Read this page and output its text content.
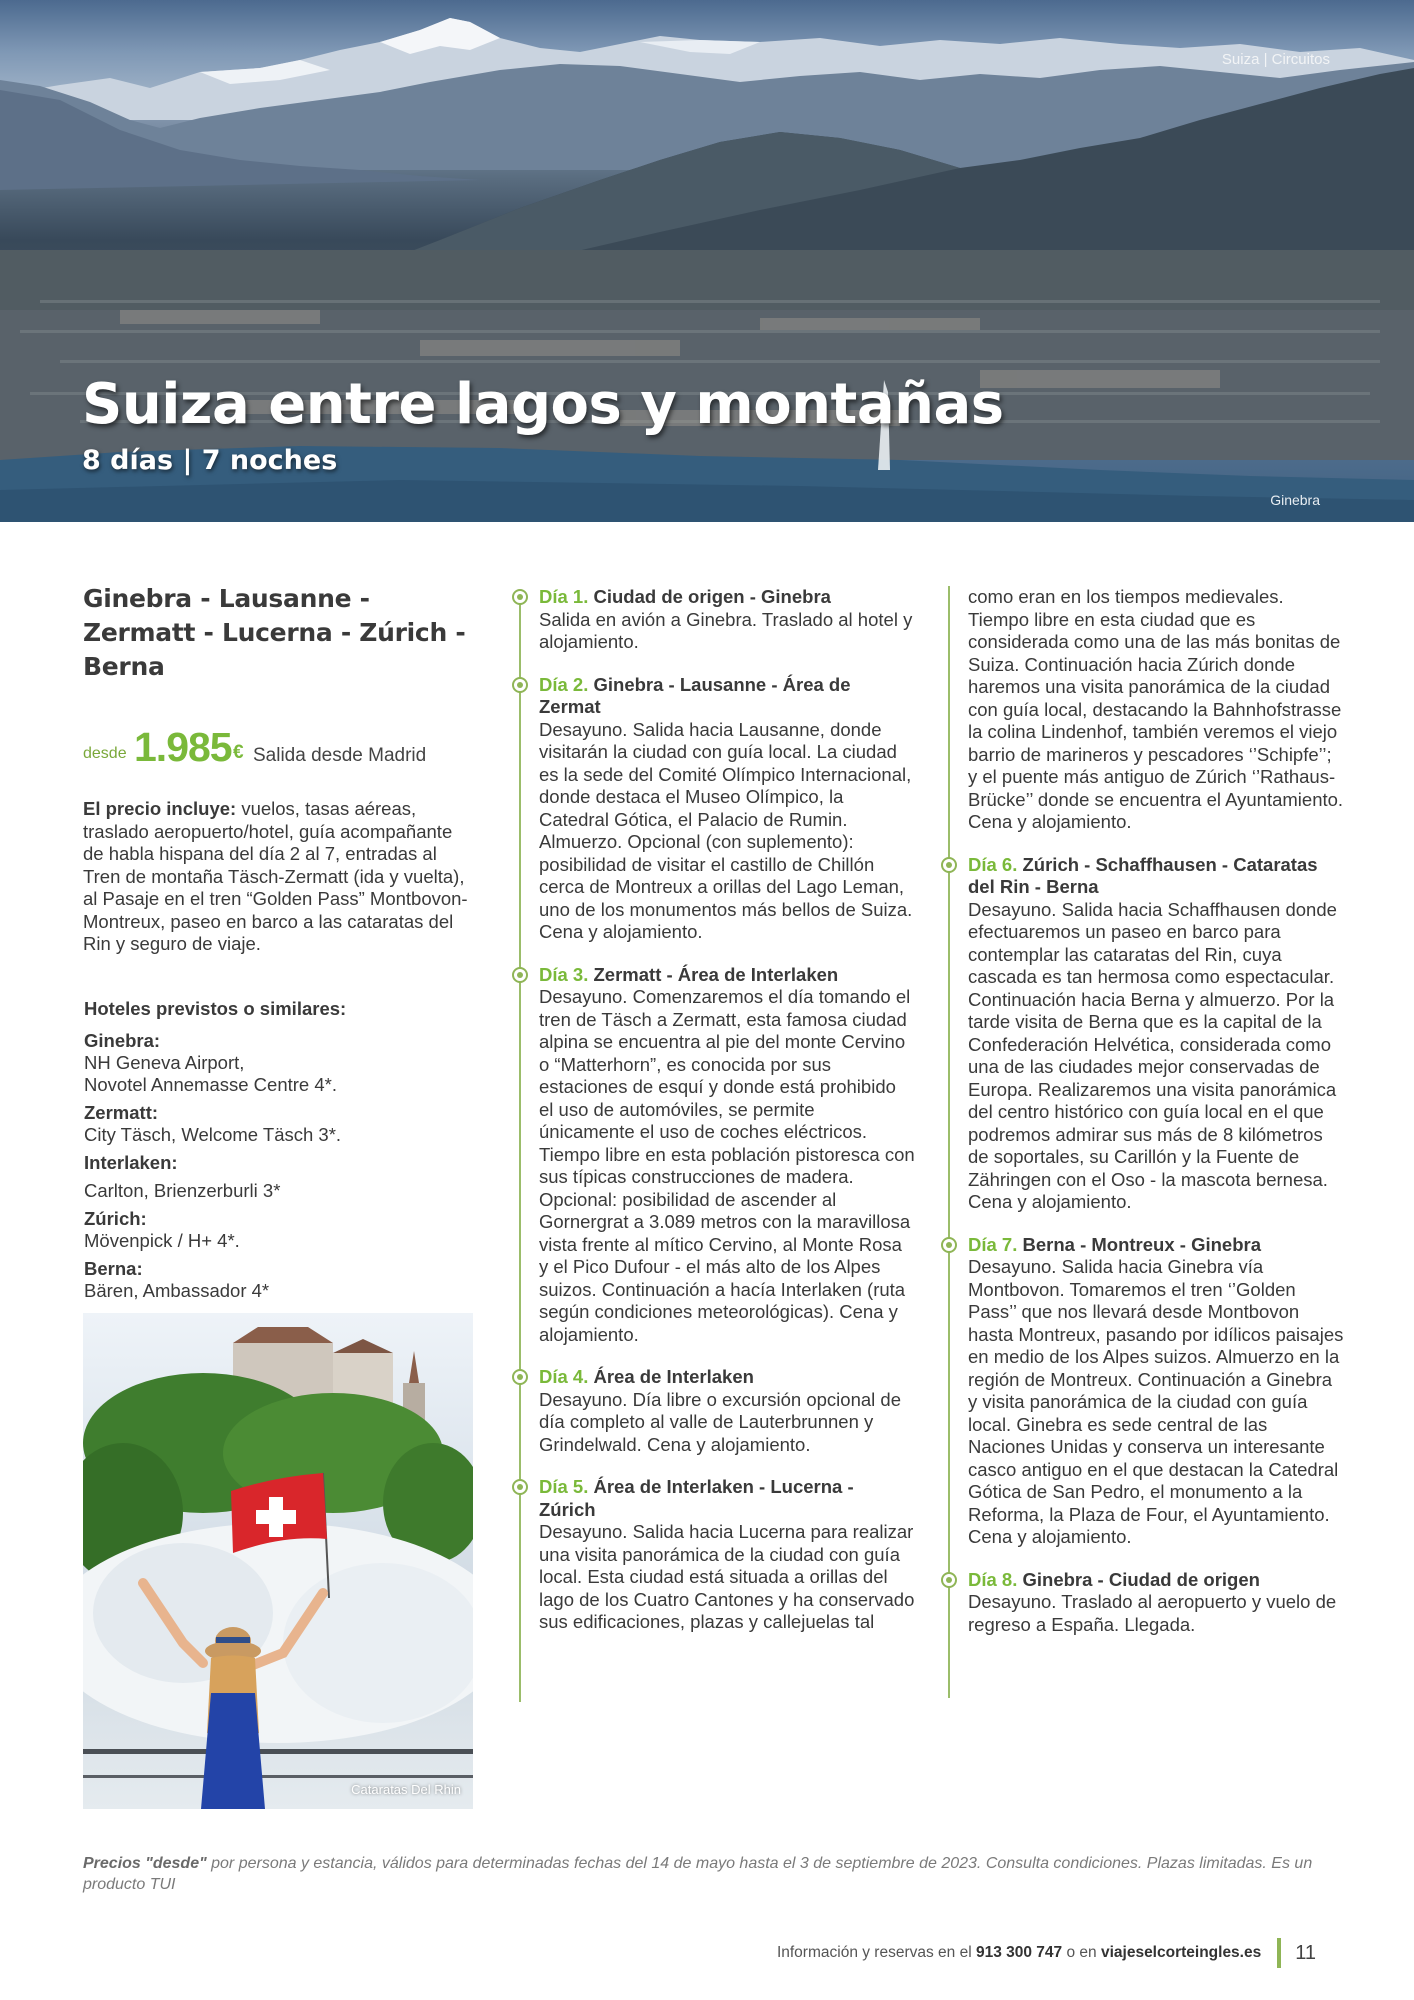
Suiza | Circuitos
Suiza entre lagos y montañas
8 días | 7 noches
Ginebra
Ginebra - Lausanne - Zermatt - Lucerna - Zúrich - Berna
desde 1.985 € Salida desde Madrid
El precio incluye: vuelos, tasas aéreas, traslado aeropuerto/hotel, guía acompañante de habla hispana del día 2 al 7, entradas al Tren de montaña Täsch-Zermatt (ida y vuelta), al Pasaje en el tren “Golden Pass” Montbovon-Montreux, paseo en barco a las cataratas del Rin y seguro de viaje.
Hoteles previstos o similares:
Ginebra:
NH Geneva Airport,
Novotel Annemasse Centre 4*.
Zermatt:
City Täsch, Welcome Täsch 3*.
Interlaken:
Carlton, Brienzerburli 3*
Zúrich:
Mövenpick / H+ 4*.
Berna:
Bären, Ambassador 4*
Cataratas Del Rhin
Día 1. Ciudad de origen - Ginebra
Salida en avión a Ginebra. Traslado al hotel y alojamiento.
Día 2. Ginebra - Lausanne - Área de Zermat
Desayuno. Salida hacia Lausanne, donde visitarán la ciudad con guía local. La ciudad es la sede del Comité Olímpico Internacional, donde destaca el Museo Olímpico, la Catedral Gótica, el Palacio de Rumin. Almuerzo. Opcional (con suplemento): posibilidad de visitar el castillo de Chillón cerca de Montreux a orillas del Lago Leman, uno de los monumentos más bellos de Suiza. Cena y alojamiento.
Día 3. Zermatt - Área de Interlaken
Desayuno. Comenzaremos el día tomando el tren de Täsch a Zermatt, esta famosa ciudad alpina se encuentra al pie del monte Cervino o “Matterhorn”, es conocida por sus estaciones de esquí y donde está prohibido el uso de automóviles, se permite únicamente el uso de coches eléctricos. Tiempo libre en esta población pistoresca con sus típicas construcciones de madera. Opcional: posibilidad de ascender al Gornergrat a 3.089 metros con la maravillosa vista frente al mítico Cervino, al Monte Rosa y el Pico Dufour - el más alto de los Alpes suizos. Continuación a hacía Interlaken (ruta según condiciones meteorológicas). Cena y alojamiento.
Día 4. Área de Interlaken
Desayuno. Día libre o excursión opcional de día completo al valle de Lauterbrunnen y Grindelwald. Cena y alojamiento.
Día 5. Área de Interlaken - Lucerna - Zúrich
Desayuno. Salida hacia Lucerna para realizar una visita panorámica de la ciudad con guía local. Esta ciudad está situada a orillas del lago de los Cuatro Cantones y ha conservado sus edificaciones, plazas y callejuelas tal
como eran en los tiempos medievales. Tiempo libre en esta ciudad que es considerada como una de las más bonitas de Suiza. Continuación hacia Zúrich donde haremos una visita panorámica de la ciudad con guía local, destacando la Bahnhofstrasse la colina Lindenhof, también veremos el viejo barrio de marineros y pescadores ‘’Schipfe’’; y el puente más antiguo de Zúrich ‘’Rathaus-Brücke’’ donde se encuentra el Ayuntamiento. Cena y alojamiento.
Día 6. Zúrich - Schaffhausen - Cataratas del Rin - Berna
Desayuno. Salida hacia Schaffhausen donde efectuaremos un paseo en barco para contemplar las cataratas del Rin, cuya cascada es tan hermosa como espectacular. Continuación hacia Berna y almuerzo. Por la tarde visita de Berna que es la capital de la Confederación Helvética, considerada como una de las ciudades mejor conservadas de Europa. Realizaremos una visita panorámica del centro histórico con guía local en el que podremos admirar sus más de 8 kilómetros de soportales, su Carillón y la Fuente de Zähringen con el Oso - la mascota bernesa. Cena y alojamiento.
Día 7. Berna - Montreux - Ginebra
Desayuno. Salida hacia Ginebra vía Montbovon. Tomaremos el tren ‘’Golden Pass’’ que nos llevará desde Montbovon hasta Montreux, pasando por idílicos paisajes en medio de los Alpes suizos. Almuerzo en la región de Montreux. Continuación a Ginebra y visita panorámica de la ciudad con guía local. Ginebra es sede central de las Naciones Unidas y conserva un interesante casco antiguo en el que destacan la Catedral Gótica de San Pedro, el monumento a la Reforma, la Plaza de Four, el Ayuntamiento. Cena y alojamiento.
Día 8. Ginebra - Ciudad de origen
Desayuno. Traslado al aeropuerto y vuelo de regreso a España. Llegada.
Precios "desde" por persona y estancia, válidos para determinadas fechas del 14 de mayo hasta el 3 de septiembre de 2023. Consulta condiciones. Plazas limitadas. Es un producto TUI
Información y reservas en el
913 300 747
o en
viajeselcorteingles.es 11
